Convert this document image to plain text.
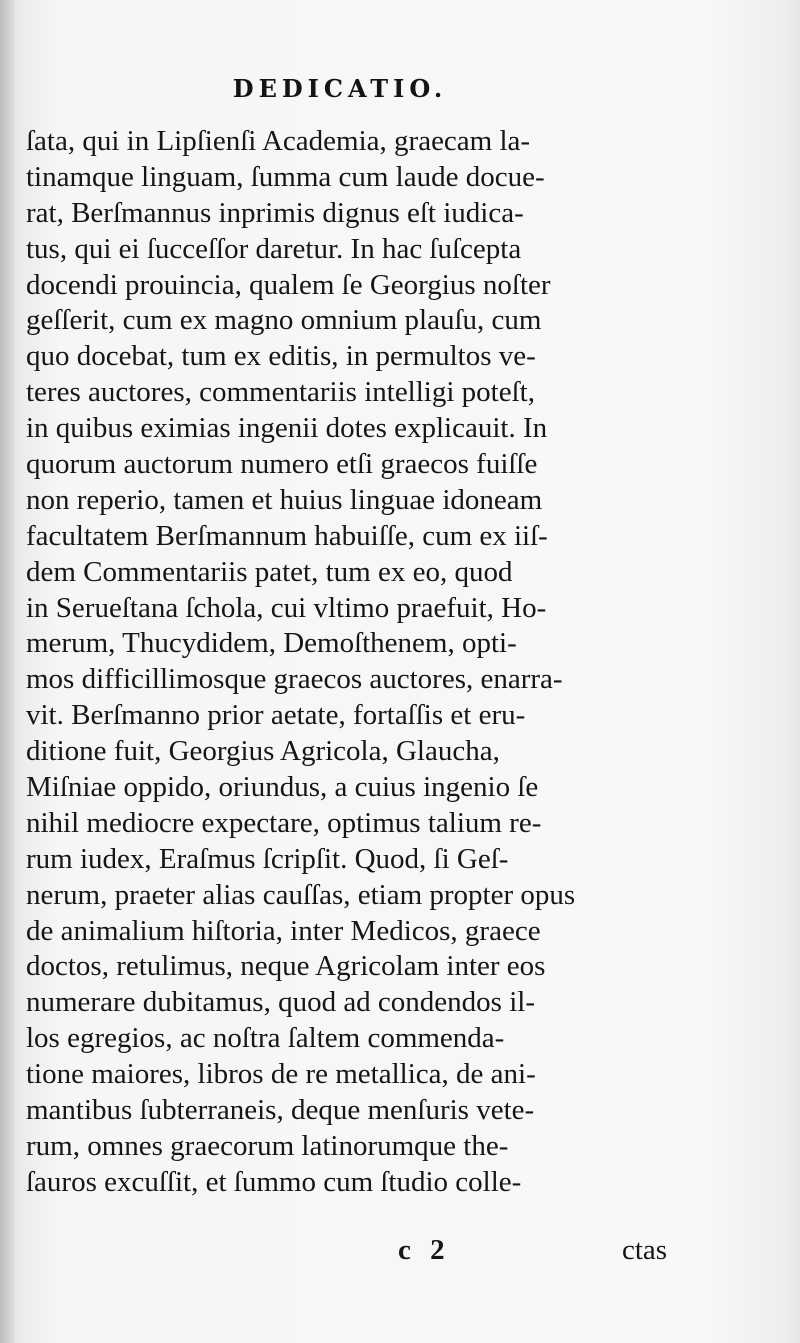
DEDICATIO.
ſata, qui in Lipſienſi Academia, graecam la-
tinamque linguam, ſumma cum laude docue-
rat, Berſmannus inprimis dignus eſt iudica-
tus, qui ei ſucceſſor daretur. In hac ſuſcepta
docendi prouincia, qualem ſe Georgius noſter
geſſerit, cum ex magno omnium plauſu, cum
quo docebat, tum ex editis, in permultos ve-
teres auctores, commentariis intelligi poteſt,
in quibus eximias ingenii dotes explicauit. In
quorum auctorum numero etſi graecos fuiſſe
non reperio, tamen et huius linguae idoneam
facultatem Berſmannum habuiſſe, cum ex iiſ-
dem Commentariis patet, tum ex eo, quod
in Serueſtana ſchola, cui vltimo praefuit, Ho-
merum, Thucydidem, Demoſthenem, opti-
mos difficillimosque graecos auctores, enarra-
vit. Berſmanno prior aetate, fortaſſis et eru-
ditione fuit, Georgius Agricola, Glaucha,
Miſniae oppido, oriundus, a cuius ingenio ſe
nihil mediocre expectare, optimus talium re-
rum iudex, Eraſmus ſcripſit. Quod, ſi Geſ-
nerum, praeter alias cauſſas, etiam propter opus
de animalium hiſtoria, inter Medicos, graece
doctos, retulimus, neque Agricolam inter eos
numerare dubitamus, quod ad condendos il-
los egregios, ac noſtra ſaltem commenda-
tione maiores, libros de re metallica, de ani-
mantibus ſubterraneis, deque menſuris vete-
rum, omnes graecorum latinorumque the-
ſauros excuſſit, et ſummo cum ſtudio colle-
c 2	ctas
